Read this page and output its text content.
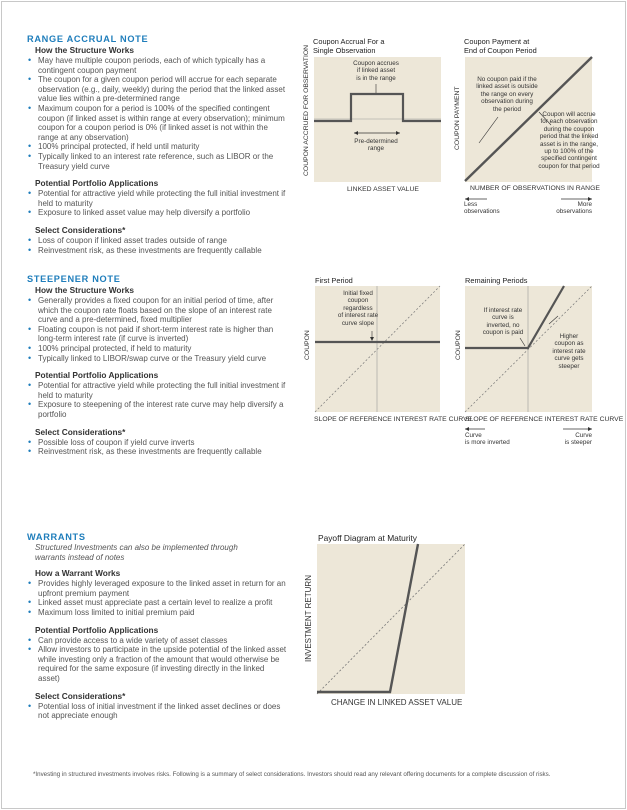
RANGE ACCRUAL NOTE

How the Structure Works

• May have multiple coupon periods, each of which typically has a contingent coupon payment
• The coupon for a given coupon period will accrue for each separate observation (e.g., daily, weekly) during the period that the linked asset value lies within a pre-determined range
• Maximum coupon for a period is 100% of the specified contingent coupon (if linked asset is within range at every observation); minimum coupon for a coupon period is 0% (if linked asset is not within the range at any observation)
• 100% principal protected, if held until maturity
• Typically linked to an interest rate reference, such as LIBOR or the Treasury yield curve

Potential Portfolio Applications

• Potential for attractive yield while protecting the full initial investment if held to maturity
• Exposure to linked asset value may help diversify a portfolio

Select Considerations*

• Loss of coupon if linked asset trades outside of range
• Reinvestment risk, as these investments are frequently callable
Coupon Accrual For a
Single Observation
Coupon accrues
if linked asset
is in the range
Pre-determined
range
COUPON ACCRUED FOR OBSERVATION
LINKED ASSET VALUE
Coupon Payment at
End of Coupon Period
No coupon paid if the
linked asset is outside
the range on every
observation during
the period
Coupon will accrue
for each observation
during the coupon
period that the linked
asset is in the range,
up to 100% of the
specified contingent
coupon for that period
COUPON PAYMENT
NUMBER OF OBSERVATIONS IN RANGE
Less
observations
More
observations

STEEPENER NOTE

How the Structure Works

• Generally provides a fixed coupon for an initial period of time, after which the coupon rate floats based on the slope of an interest rate curve and a pre-determined, fixed multiplier
• Floating coupon is not paid if short-term interest rate is higher than long-term interest rate (if curve is inverted)
• 100% principal protected, if held to maturity
• Typically linked to LIBOR/swap curve or the Treasury yield curve

Potential Portfolio Applications

• Potential for attractive yield while protecting the full initial investment if held to maturity
• Exposure to steepening of the interest rate curve may help diversify a portfolio

Select Considerations*

• Possible loss of coupon if yield curve inverts
• Reinvestment risk, as these investments are frequently callable
First Period
Initial fixed
coupon
regardless
of interest rate
curve slope
COUPON
SLOPE OF REFERENCE INTEREST RATE CURVE
Remaining Periods
If interest rate
curve is
inverted, no
coupon is paid
Higher
coupon as
interest rate
curve gets
steeper
COUPON
SLOPE OF REFERENCE INTEREST RATE CURVE
Curve
is more inverted
Curve
is steeper

WARRANTS

Structured Investments can also be implemented through
warrants instead of notes

How a Warrant Works

• Provides highly leveraged exposure to the linked asset in return for an upfront premium payment
• Linked asset must appreciate past a certain level to realize a profit
• Maximum loss limited to initial premium paid

Potential Portfolio Applications

• Can provide access to a wide variety of asset classes
• Allow investors to participate in the upside potential of the linked asset while investing only a fraction of the amount that would otherwise be required for the same exposure (if investing directly in the linked asset)

Select Considerations*

• Potential loss of initial investment if the linked asset declines or does not appreciate enough
Payoff Diagram at Maturity
INVESTMENT RETURN
CHANGE IN LINKED ASSET VALUE
*Investing in structured investments involves risks. Following is a summary of select considerations. Investors should read any relevant offering documents for a complete discussion of risks.
